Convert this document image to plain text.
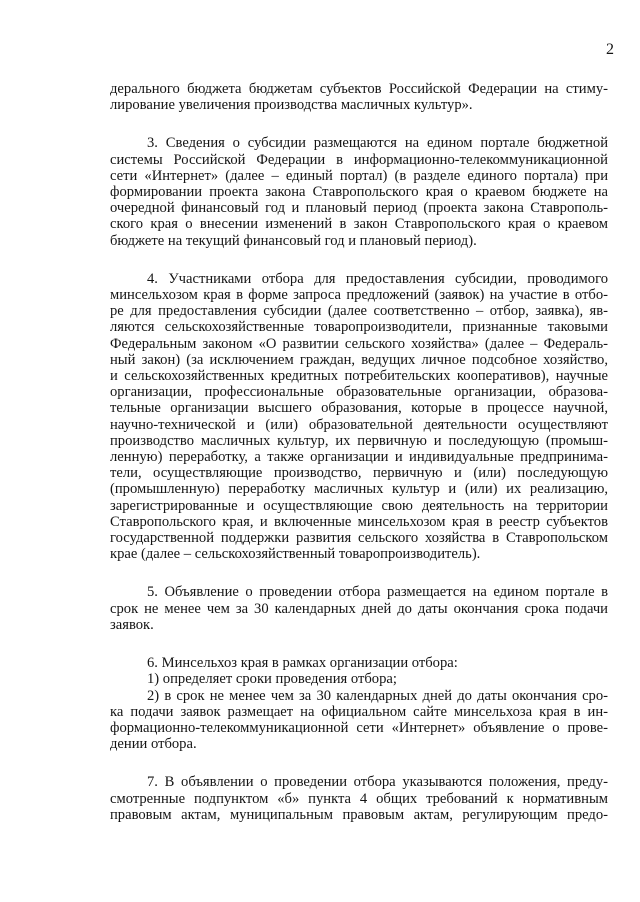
2
дерального бюджета бюджетам субъектов Российской Федерации на стиму-
лирование увеличения производства масличных культур».
3. Сведения о субсидии размещаются на едином портале бюджетной
системы Российской Федерации в информационно-телекоммуникационной
сети «Интернет» (далее – единый портал) (в разделе единого портала) при
формировании проекта закона Ставропольского края о краевом бюджете на
очередной финансовый год и плановый период (проекта закона Ставрополь-
ского края о внесении изменений в закон Ставропольского края о краевом
бюджете на текущий финансовый год и плановый период).
4. Участниками отбора для предоставления субсидии, проводимого
минсельхозом края в форме запроса предложений (заявок) на участие в отбо-
ре для предоставления субсидии (далее соответственно – отбор, заявка), яв-
ляются сельскохозяйственные товаропроизводители, признанные таковыми
Федеральным законом «О развитии сельского хозяйства» (далее – Федераль-
ный закон) (за исключением граждан, ведущих личное подсобное хозяйство,
и сельскохозяйственных кредитных потребительских кооперативов), научные
организации, профессиональные образовательные организации, образова-
тельные организации высшего образования, которые в процессе научной,
научно-технической и (или) образовательной деятельности осуществляют
производство масличных культур, их первичную и последующую (промыш-
ленную) переработку, а также организации и индивидуальные предпринима-
тели, осуществляющие производство, первичную и (или) последующую
(промышленную) переработку масличных культур и (или) их реализацию,
зарегистрированные и осуществляющие свою деятельность на территории
Ставропольского края, и включенные минсельхозом края в реестр субъектов
государственной поддержки развития сельского хозяйства в Ставропольском
крае (далее – сельскохозяйственный товаропроизводитель).
5. Объявление о проведении отбора размещается на едином портале в
срок не менее чем за 30 календарных дней до даты окончания срока подачи
заявок.
6. Минсельхоз края в рамках организации отбора:
1) определяет сроки проведения отбора;
2) в срок не менее чем за 30 календарных дней до даты окончания сро-
ка подачи заявок размещает на официальном сайте минсельхоза края в ин-
формационно-телекоммуникационной сети «Интернет» объявление о прове-
дении отбора.
7. В объявлении о проведении отбора указываются положения, преду-
смотренные подпунктом «б» пункта 4 общих требований к нормативным
правовым актам, муниципальным правовым актам, регулирующим предо-
